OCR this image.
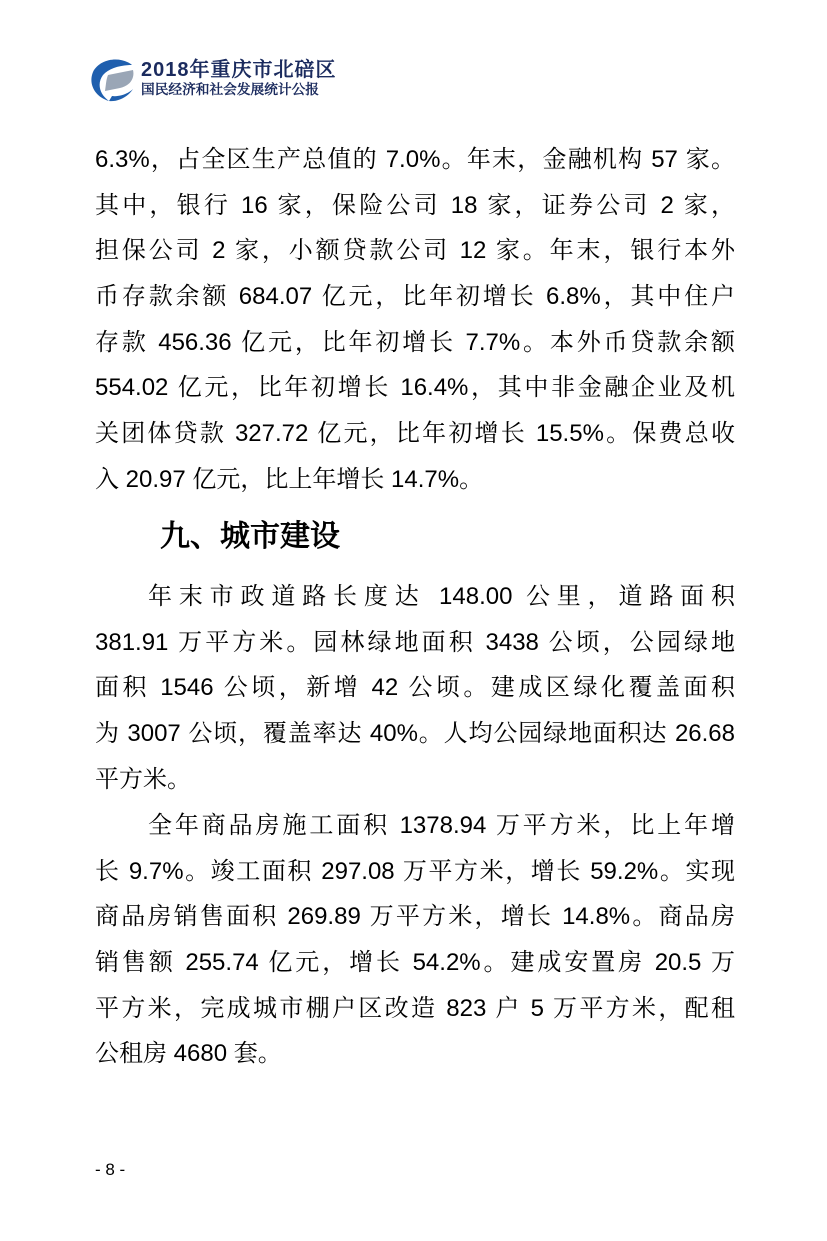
2018年重庆市北碚区
国民经济和社会发展统计公报
6.3%，占全区生产总值的 7.0%。年末，金融机构 57 家。
其中，银行 16 家，保险公司 18 家，证券公司 2 家，
担保公司 2 家，小额贷款公司 12 家。年末，银行本外
币存款余额 684.07 亿元，比年初增长 6.8%，其中住户
存款 456.36 亿元，比年初增长 7.7%。本外币贷款余额
554.02 亿元，比年初增长 16.4%，其中非金融企业及机
关团体贷款 327.72 亿元，比年初增长 15.5%。保费总收
入 20.97 亿元，比上年增长 14.7%。
九、城市建设
年末市政道路长度达 148.00 公里，道路面积
381.91 万平方米。园林绿地面积 3438 公顷，公园绿地
面积 1546 公顷，新增 42 公顷。建成区绿化覆盖面积
为 3007 公顷，覆盖率达 40%。人均公园绿地面积达 26.68
平方米。
全年商品房施工面积 1378.94 万平方米，比上年增
长 9.7%。竣工面积 297.08 万平方米，增长 59.2%。实现
商品房销售面积 269.89 万平方米，增长 14.8%。商品房
销售额 255.74 亿元，增长 54.2%。建成安置房 20.5 万
平方米，完成城市棚户区改造 823 户 5 万平方米，配租
公租房 4680 套。
- 8 -
